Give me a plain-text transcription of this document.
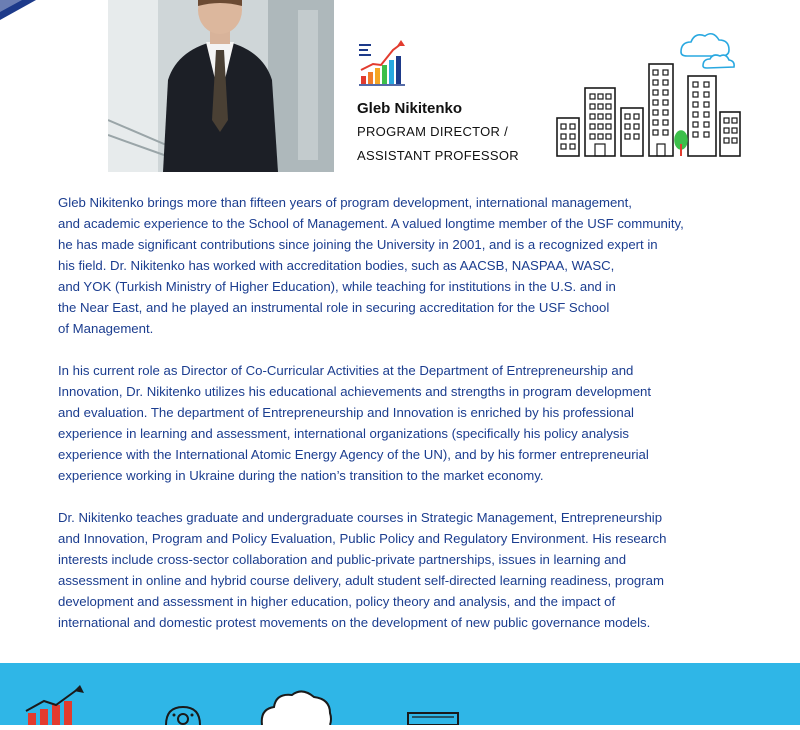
Gleb Nikitenko
PROGRAM DIRECTOR /
ASSISTANT PROFESSOR

Gleb Nikitenko brings more than fifteen years of program development, international management,
and academic experience to the School of Management. A valued longtime member of the USF community,
he has made significant contributions since joining the University in 2001, and is a recognized expert in
his field. Dr. Nikitenko has worked with accreditation bodies, such as AACSB, NASPAA, WASC,
and YOK (Turkish Ministry of Higher Education), while teaching for institutions in the U.S. and in
the Near East, and he played an instrumental role in securing accreditation for the USF School
of Management.

In his current role as Director of Co-Curricular Activities at the Department of Entrepreneurship and
Innovation, Dr. Nikitenko utilizes his educational achievements and strengths in program development
and evaluation. The department of Entrepreneurship and Innovation is enriched by his professional
experience in learning and assessment, international organizations (specifically his policy analysis
experience with the International Atomic Energy Agency of the UN), and by his former entrepreneurial
experience working in Ukraine during the nation’s transition to the market economy.

Dr. Nikitenko teaches graduate and undergraduate courses in Strategic Management, Entrepreneurship
and Innovation, Program and Policy Evaluation, Public Policy and Regulatory Environment. His research
interests include cross-sector collaboration and public-private partnerships, issues in learning and
assessment in online and hybrid course delivery, adult student self-directed learning readiness, program
development and assessment in higher education, policy theory and analysis, and the impact of
international and domestic protest movements on the development of new public governance models.
